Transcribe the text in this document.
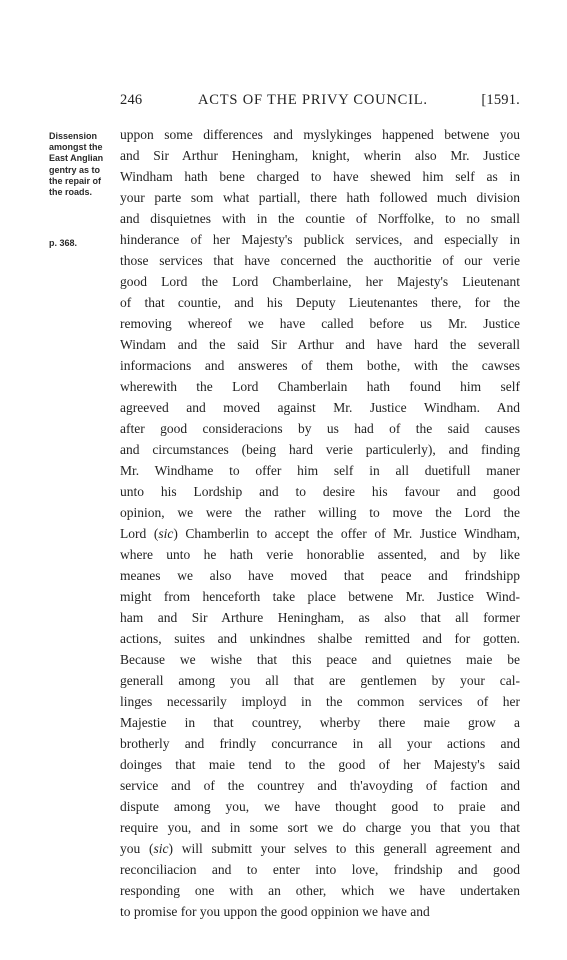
246	ACTS OF THE PRIVY COUNCIL.	[1591.
Dissension
amongst the
East Anglian
gentry as to
the repair of
the roads.
p. 368.
uppon some differences and myslykinges happened betwene you
and Sir Arthur Heningham, knight, wherin also Mr. Justice
Windham hath bene charged to have shewed him self as in
your parte som what partiall, there hath followed much division
and disquietnes with in the countie of Norffolke, to no small
hinderance of her Majesty's publick services, and especially in
those services that have concerned the aucthoritie of our verie
good Lord the Lord Chamberlaine, her Majesty's Lieutenant
of that countie, and his Deputy Lieutenantes there, for the
removing whereof we have called before us Mr. Justice
Windam and the said Sir Arthur and have hard the severall
informacions and answeres of them bothe, with the cawses
wherewith the Lord Chamberlain hath found him self
agreeved and moved against Mr. Justice Windham. And
after good consideracions by us had of the said causes
and circumstances (being hard verie particulerly), and finding
Mr. Windhame to offer him self in all duetifull maner
unto his Lordship and to desire his favour and good
opinion, we were the rather willing to move the Lord the
Lord (sic) Chamberlin to accept the offer of Mr. Justice Windham,
where unto he hath verie honorablie assented, and by like
meanes we also have moved that peace and frindshipp
might from henceforth take place betwene Mr. Justice Wind-
ham and Sir Arthure Heningham, as also that all former
actions, suites and unkindnes shalbe remitted and for gotten.
Because we wishe that this peace and quietnes maie be
generall among you all that are gentlemen by your cal-
linges necessarily imployd in the common services of her
Majestie in that countrey, wherby there maie grow a
brotherly and frindly concurrance in all your actions and
doinges that maie tend to the good of her Majesty's said
service and of the countrey and th'avoyding of faction and
dispute among you, we have thought good to praie and
require you, and in some sort we do charge you that you that
you (sic) will submitt your selves to this generall agreement and
reconciliacion and to enter into love, frindship and good
responding one with an other, which we have undertaken
to promise for you uppon the good oppinion we have and
